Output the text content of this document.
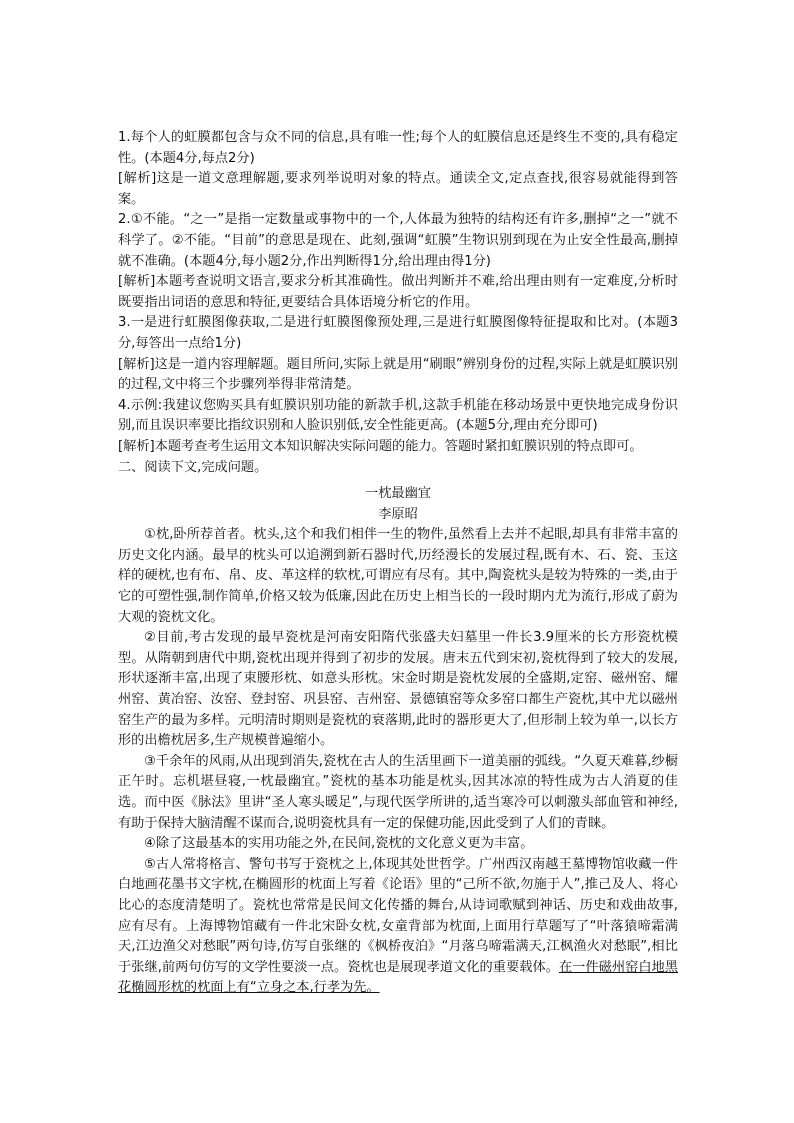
1.每个人的虹膜都包含与众不同的信息,具有唯一性;每个人的虹膜信息还是终生不变的,具有稳定性。(本题4分,每点2分)

[解析]这是一道文意理解题,要求列举说明对象的特点。通读全文,定点查找,很容易就能得到答案。

2.①不能。“之一”是指一定数量或事物中的一个,人体最为独特的结构还有许多,删掉“之一”就不科学了。②不能。“目前”的意思是现在、此刻,强调“虹膜”生物识别到现在为止安全性最高,删掉就不准确。(本题4分,每小题2分,作出判断得1分,给出理由得1分)

[解析]本题考查说明文语言,要求分析其准确性。做出判断并不难,给出理由则有一定难度,分析时既要指出词语的意思和特征,更要结合具体语境分析它的作用。

3.一是进行虹膜图像获取,二是进行虹膜图像预处理,三是进行虹膜图像特征提取和比对。(本题3分,每答出一点给1分)

[解析]这是一道内容理解题。题目所问,实际上就是用“刷眼”辨别身份的过程,实际上就是虹膜识别的过程,文中将三个步骤列举得非常清楚。

4.示例:我建议您购买具有虹膜识别功能的新款手机,这款手机能在移动场景中更快地完成身份识别,而且误识率要比指纹识别和人脸识别低,安全性能更高。(本题5分,理由充分即可)

[解析]本题考查考生运用文本知识解决实际问题的能力。答题时紧扣虹膜识别的特点即可。

二、阅读下文,完成问题。

一枕最幽宜

李原昭

①枕,卧所荐首者。枕头,这个和我们相伴一生的物件,虽然看上去并不起眼,却具有非常丰富的历史文化内涵。最早的枕头可以追溯到新石器时代,历经漫长的发展过程,既有木、石、瓷、玉这样的硬枕,也有布、帛、皮、革这样的软枕,可谓应有尽有。其中,陶瓷枕头是较为特殊的一类,由于它的可塑性强,制作简单,价格又较为低廉,因此在历史上相当长的一段时期内尤为流行,形成了蔚为大观的瓷枕文化。

②目前,考古发现的最早瓷枕是河南安阳隋代张盛夫妇墓里一件长3.9厘米的长方形瓷枕模型。从隋朝到唐代中期,瓷枕出现并得到了初步的发展。唐末五代到宋初,瓷枕得到了较大的发展,形状逐渐丰富,出现了束腰形枕、如意头形枕。宋金时期是瓷枕发展的全盛期,定窑、磁州窑、耀州窑、黄冶窑、汝窑、登封窑、巩县窑、吉州窑、景德镇窑等众多窑口都生产瓷枕,其中尤以磁州窑生产的最为多样。元明清时期则是瓷枕的衰落期,此时的器形更大了,但形制上较为单一,以长方形的出檐枕居多,生产规模普遍缩小。

③千余年的风雨,从出现到消失,瓷枕在古人的生活里画下一道美丽的弧线。“久夏天难暮,纱橱正午时。忘机堪昼寝,一枕最幽宜。”瓷枕的基本功能是枕头,因其冰凉的特性成为古人消夏的佳选。而中医《脉法》里讲“圣人寒头暖足”,与现代医学所讲的,适当寒冷可以刺激头部血管和神经,有助于保持大脑清醒不谋而合,说明瓷枕具有一定的保健功能,因此受到了人们的青睐。

④除了这最基本的实用功能之外,在民间,瓷枕的文化意义更为丰富。

⑤古人常将格言、警句书写于瓷枕之上,体现其处世哲学。广州西汉南越王墓博物馆收藏一件白地画花墨书文字枕,在椭圆形的枕面上写着《论语》里的“己所不欲,勿施于人”,推己及人、将心比心的态度清楚明了。瓷枕也常常是民间文化传播的舞台,从诗词歌赋到神话、历史和戏曲故事,应有尽有。上海博物馆藏有一件北宋卧女枕,女童背部为枕面,上面用行草题写了“叶落猿啼霜满天,江边渔父对愁眠”两句诗,仿写自张继的《枫桥夜泊》“月落乌啼霜满天,江枫渔火对愁眠”,相比于张继,前两句仿写的文学性要淡一点。瓷枕也是展现孝道文化的重要载体。在一件磁州窑白地黑花椭圆形枕的枕面上有“立身之本,行孝为先。
